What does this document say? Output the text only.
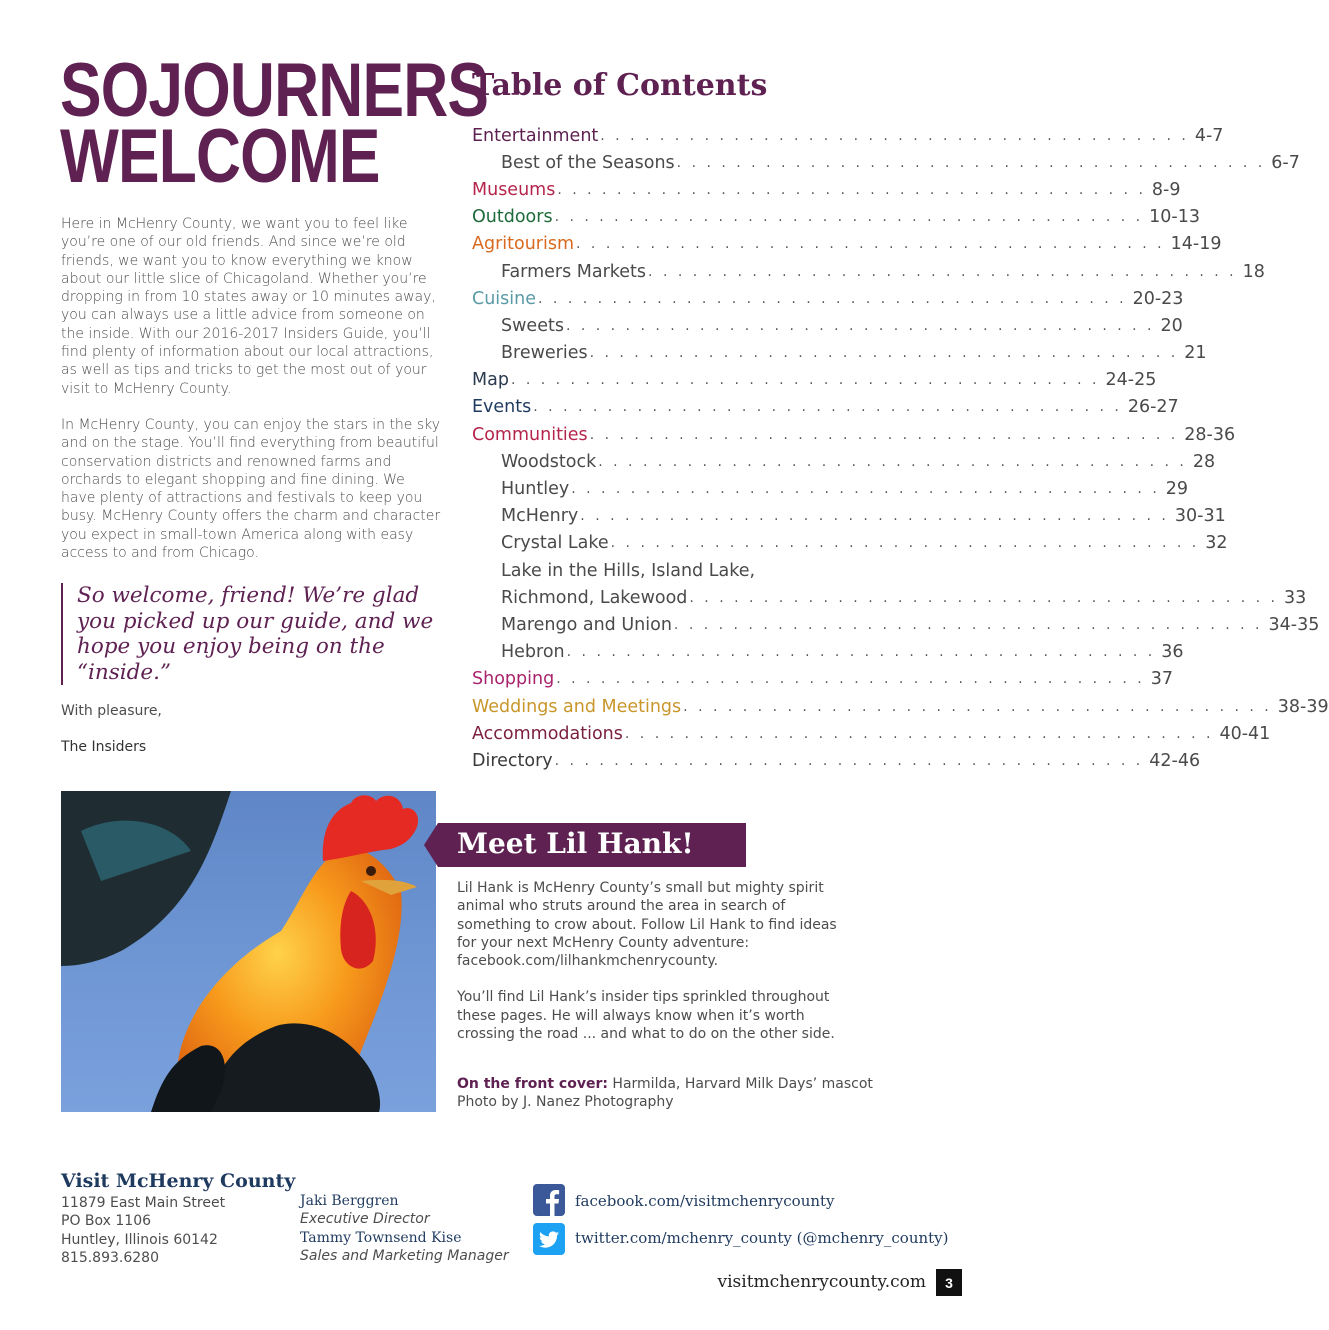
SOJOURNERS
WELCOME

Here in McHenry County, we want you to feel like you’re one of our old friends. And since we’re old friends, we want you to know everything we know about our little slice of Chicagoland. Whether you’re dropping in from 10 states away or 10 minutes away, you can always use a little advice from someone on the inside. With our 2016-2017 Insiders Guide, you’ll find plenty of information about our local attractions, as well as tips and tricks to get the most out of your visit to McHenry County.

In McHenry County, you can enjoy the stars in the sky and on the stage. You’ll find everything from beautiful conservation districts and renowned farms and orchards to elegant shopping and fine dining. We have plenty of attractions and festivals to keep you busy. McHenry County offers the charm and character you expect in small-town America along with easy access to and from Chicago.

So welcome, friend! We’re glad you picked up our guide, and we hope you enjoy being on the “inside.”
With pleasure,
The Insiders
Table of Contents
Entertainment . . . . . . . . . . . . . . . . . . . . . . . . . . . . . . . . . . . . . . . . 4-7
Best of the Seasons . . . . . . . . . . . . . . . . . . . . . . . . . . . . . . . . . . . . . . . . 6-7
Museums . . . . . . . . . . . . . . . . . . . . . . . . . . . . . . . . . . . . . . . . 8-9
Outdoors . . . . . . . . . . . . . . . . . . . . . . . . . . . . . . . . . . . . . . . . 10-13
Agritourism . . . . . . . . . . . . . . . . . . . . . . . . . . . . . . . . . . . . . . . . 14-19
Farmers Markets . . . . . . . . . . . . . . . . . . . . . . . . . . . . . . . . . . . . . . . . 18
Cuisine . . . . . . . . . . . . . . . . . . . . . . . . . . . . . . . . . . . . . . . . 20-23
Sweets . . . . . . . . . . . . . . . . . . . . . . . . . . . . . . . . . . . . . . . . 20
Breweries . . . . . . . . . . . . . . . . . . . . . . . . . . . . . . . . . . . . . . . . 21
Map . . . . . . . . . . . . . . . . . . . . . . . . . . . . . . . . . . . . . . . . 24-25
Events . . . . . . . . . . . . . . . . . . . . . . . . . . . . . . . . . . . . . . . . 26-27
Communities . . . . . . . . . . . . . . . . . . . . . . . . . . . . . . . . . . . . . . . . 28-36
Woodstock . . . . . . . . . . . . . . . . . . . . . . . . . . . . . . . . . . . . . . . . 28
Huntley . . . . . . . . . . . . . . . . . . . . . . . . . . . . . . . . . . . . . . . . 29
McHenry . . . . . . . . . . . . . . . . . . . . . . . . . . . . . . . . . . . . . . . . 30-31
Crystal Lake . . . . . . . . . . . . . . . . . . . . . . . . . . . . . . . . . . . . . . . . 32
Lake in the Hills, Island Lake,
Richmond, Lakewood . . . . . . . . . . . . . . . . . . . . . . . . . . . . . . . . . . . . . . . . 33
Marengo and Union . . . . . . . . . . . . . . . . . . . . . . . . . . . . . . . . . . . . . . . . 34-35
Hebron . . . . . . . . . . . . . . . . . . . . . . . . . . . . . . . . . . . . . . . . 36
Shopping . . . . . . . . . . . . . . . . . . . . . . . . . . . . . . . . . . . . . . . . 37
Weddings and Meetings . . . . . . . . . . . . . . . . . . . . . . . . . . . . . . . . . . . . . . . . 38-39
Accommodations . . . . . . . . . . . . . . . . . . . . . . . . . . . . . . . . . . . . . . . . 40-41
Directory . . . . . . . . . . . . . . . . . . . . . . . . . . . . . . . . . . . . . . . . 42-46
Meet Lil Hank!

Lil Hank is McHenry County’s small but mighty spirit animal who struts around the area in search of something to crow about. Follow Lil Hank to find ideas for your next McHenry County adventure: facebook.com/lilhankmchenrycounty.

You’ll find Lil Hank’s insider tips sprinkled throughout these pages. He will always know when it’s worth crossing the road ... and what to do on the other side.

On the front cover: Harmilda, Harvard Milk Days’ mascot
Photo by J. Nanez Photography
Visit McHenry County
11879 East Main Street
PO Box 1106
Huntley, Illinois 60142
815.893.6280
Jaki Berggren
Executive Director
Tammy Townsend Kise
Sales and Marketing Manager
facebook.com/visitmchenrycounty
twitter.com/mchenry_county (@mchenry_county)
visitmchenrycounty.com	3
